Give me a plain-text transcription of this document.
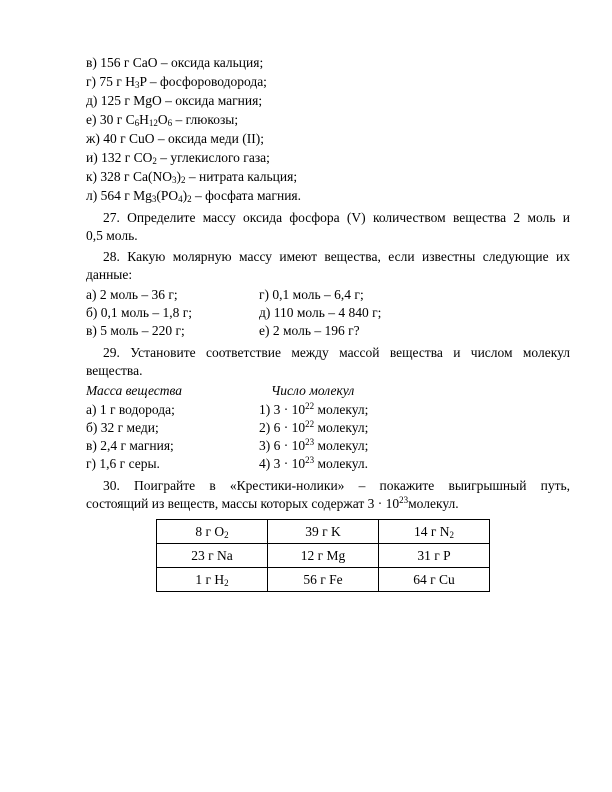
в) 156 г CaO – оксида кальция;
г) 75 г $H_3P$ – фосфороводорода;
д) 125 г MgO – оксида магния;
е) 30 г $C_6H_{12}O_6$ – глюкозы;
ж) 40 г CuO – оксида меди (II);
и) 132 г $CO_2$ – углекислого газа;
к) 328 г $Ca(NO_3)_2$ – нитрата кальция;
л) 564 г $Mg_3(PO_4)_2$ – фосфата магния.
27. Определите массу оксида фосфора (V) количеством вещества 2 моль и
0,5 моль.
28. Какую молярную массу имеют вещества, если известны следующие их
данные:
а) 2 моль – 36 г;	г) 0,1 моль – 6,4 г;
б) 0,1 моль – 1,8 г;	д) 110 моль – 4 840 г;
в) 5 моль – 220 г;	е) 2 моль – 196 г?
29. Установите соответствие между массой вещества и числом молекул
вещества.
Масса вещества	Число молекул
а) 1 г водорода;	1) $3 \cdot 10^{22}$ молекул;
б) 32 г меди;	2) $6 \cdot 10^{22}$ молекул;
в) 2,4 г магния;	3) $6 \cdot 10^{23}$ молекул;
г) 1,6 г серы.	4) $3 \cdot 10^{23}$ молекул.
30. Поиграйте в «Крестики-нолики» – покажите выигрышный путь,
состоящий из веществ, массы которых содержат $3 \cdot 10^{23}молекул$.
8 г $O_2$	39 г K	14 г $N_2$
23 г Na	12 г Mg	31 г P
1 г $H_2$	56 г Fe	64 г Cu
